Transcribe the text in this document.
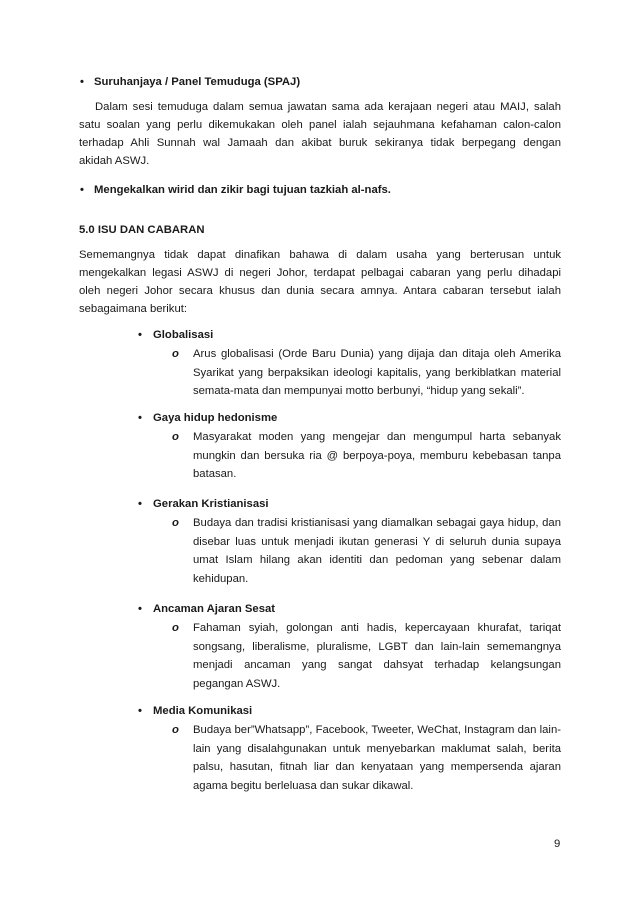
• Suruhanjaya / Panel Temuduga (SPAJ)
Dalam sesi temuduga dalam semua jawatan sama ada kerajaan negeri atau MAIJ, salah
satu soalan yang perlu dikemukakan oleh panel ialah sejauhmana kefahaman calon-calon
terhadap Ahli Sunnah wal Jamaah dan akibat buruk sekiranya tidak berpegang dengan
akidah ASWJ.
• Mengekalkan wirid dan zikir bagi tujuan tazkiah al-nafs.
5.0 ISU DAN CABARAN
Sememangnya tidak dapat dinafikan bahawa di dalam usaha yang berterusan untuk
mengekalkan legasi ASWJ di negeri Johor, terdapat pelbagai cabaran yang perlu dihadapi
oleh negeri Johor secara khusus dan dunia secara amnya. Antara cabaran tersebut ialah
sebagaimana berikut:
• Globalisasi
o Arus globalisasi (Orde Baru Dunia) yang dijaja dan ditaja oleh Amerika Syarikat yang berpaksikan ideologi kapitalis, yang berkiblatkan material semata-mata dan mempunyai motto berbunyi, “hidup yang sekali”.
• Gaya hidup hedonisme
o Masyarakat moden yang mengejar dan mengumpul harta sebanyak mungkin dan bersuka ria @ berpoya-poya, memburu kebebasan tanpa batasan.
• Gerakan Kristianisasi
o Budaya dan tradisi kristianisasi yang diamalkan sebagai gaya hidup, dan disebar luas untuk menjadi ikutan generasi Y di seluruh dunia supaya umat Islam hilang akan identiti dan pedoman yang sebenar dalam kehidupan.
• Ancaman Ajaran Sesat
o Fahaman syiah, golongan anti hadis, kepercayaan khurafat, tariqat songsang, liberalisme, pluralisme, LGBT dan lain-lain sememangnya menjadi ancaman yang sangat dahsyat terhadap kelangsungan pegangan ASWJ.
• Media Komunikasi
o Budaya ber”Whatsapp”, Facebook, Tweeter, WeChat, Instagram dan lain-lain yang disalahgunakan untuk menyebarkan maklumat salah, berita palsu, hasutan, fitnah liar dan kenyataan yang mempersenda ajaran agama begitu berleluasa dan sukar dikawal.
9
